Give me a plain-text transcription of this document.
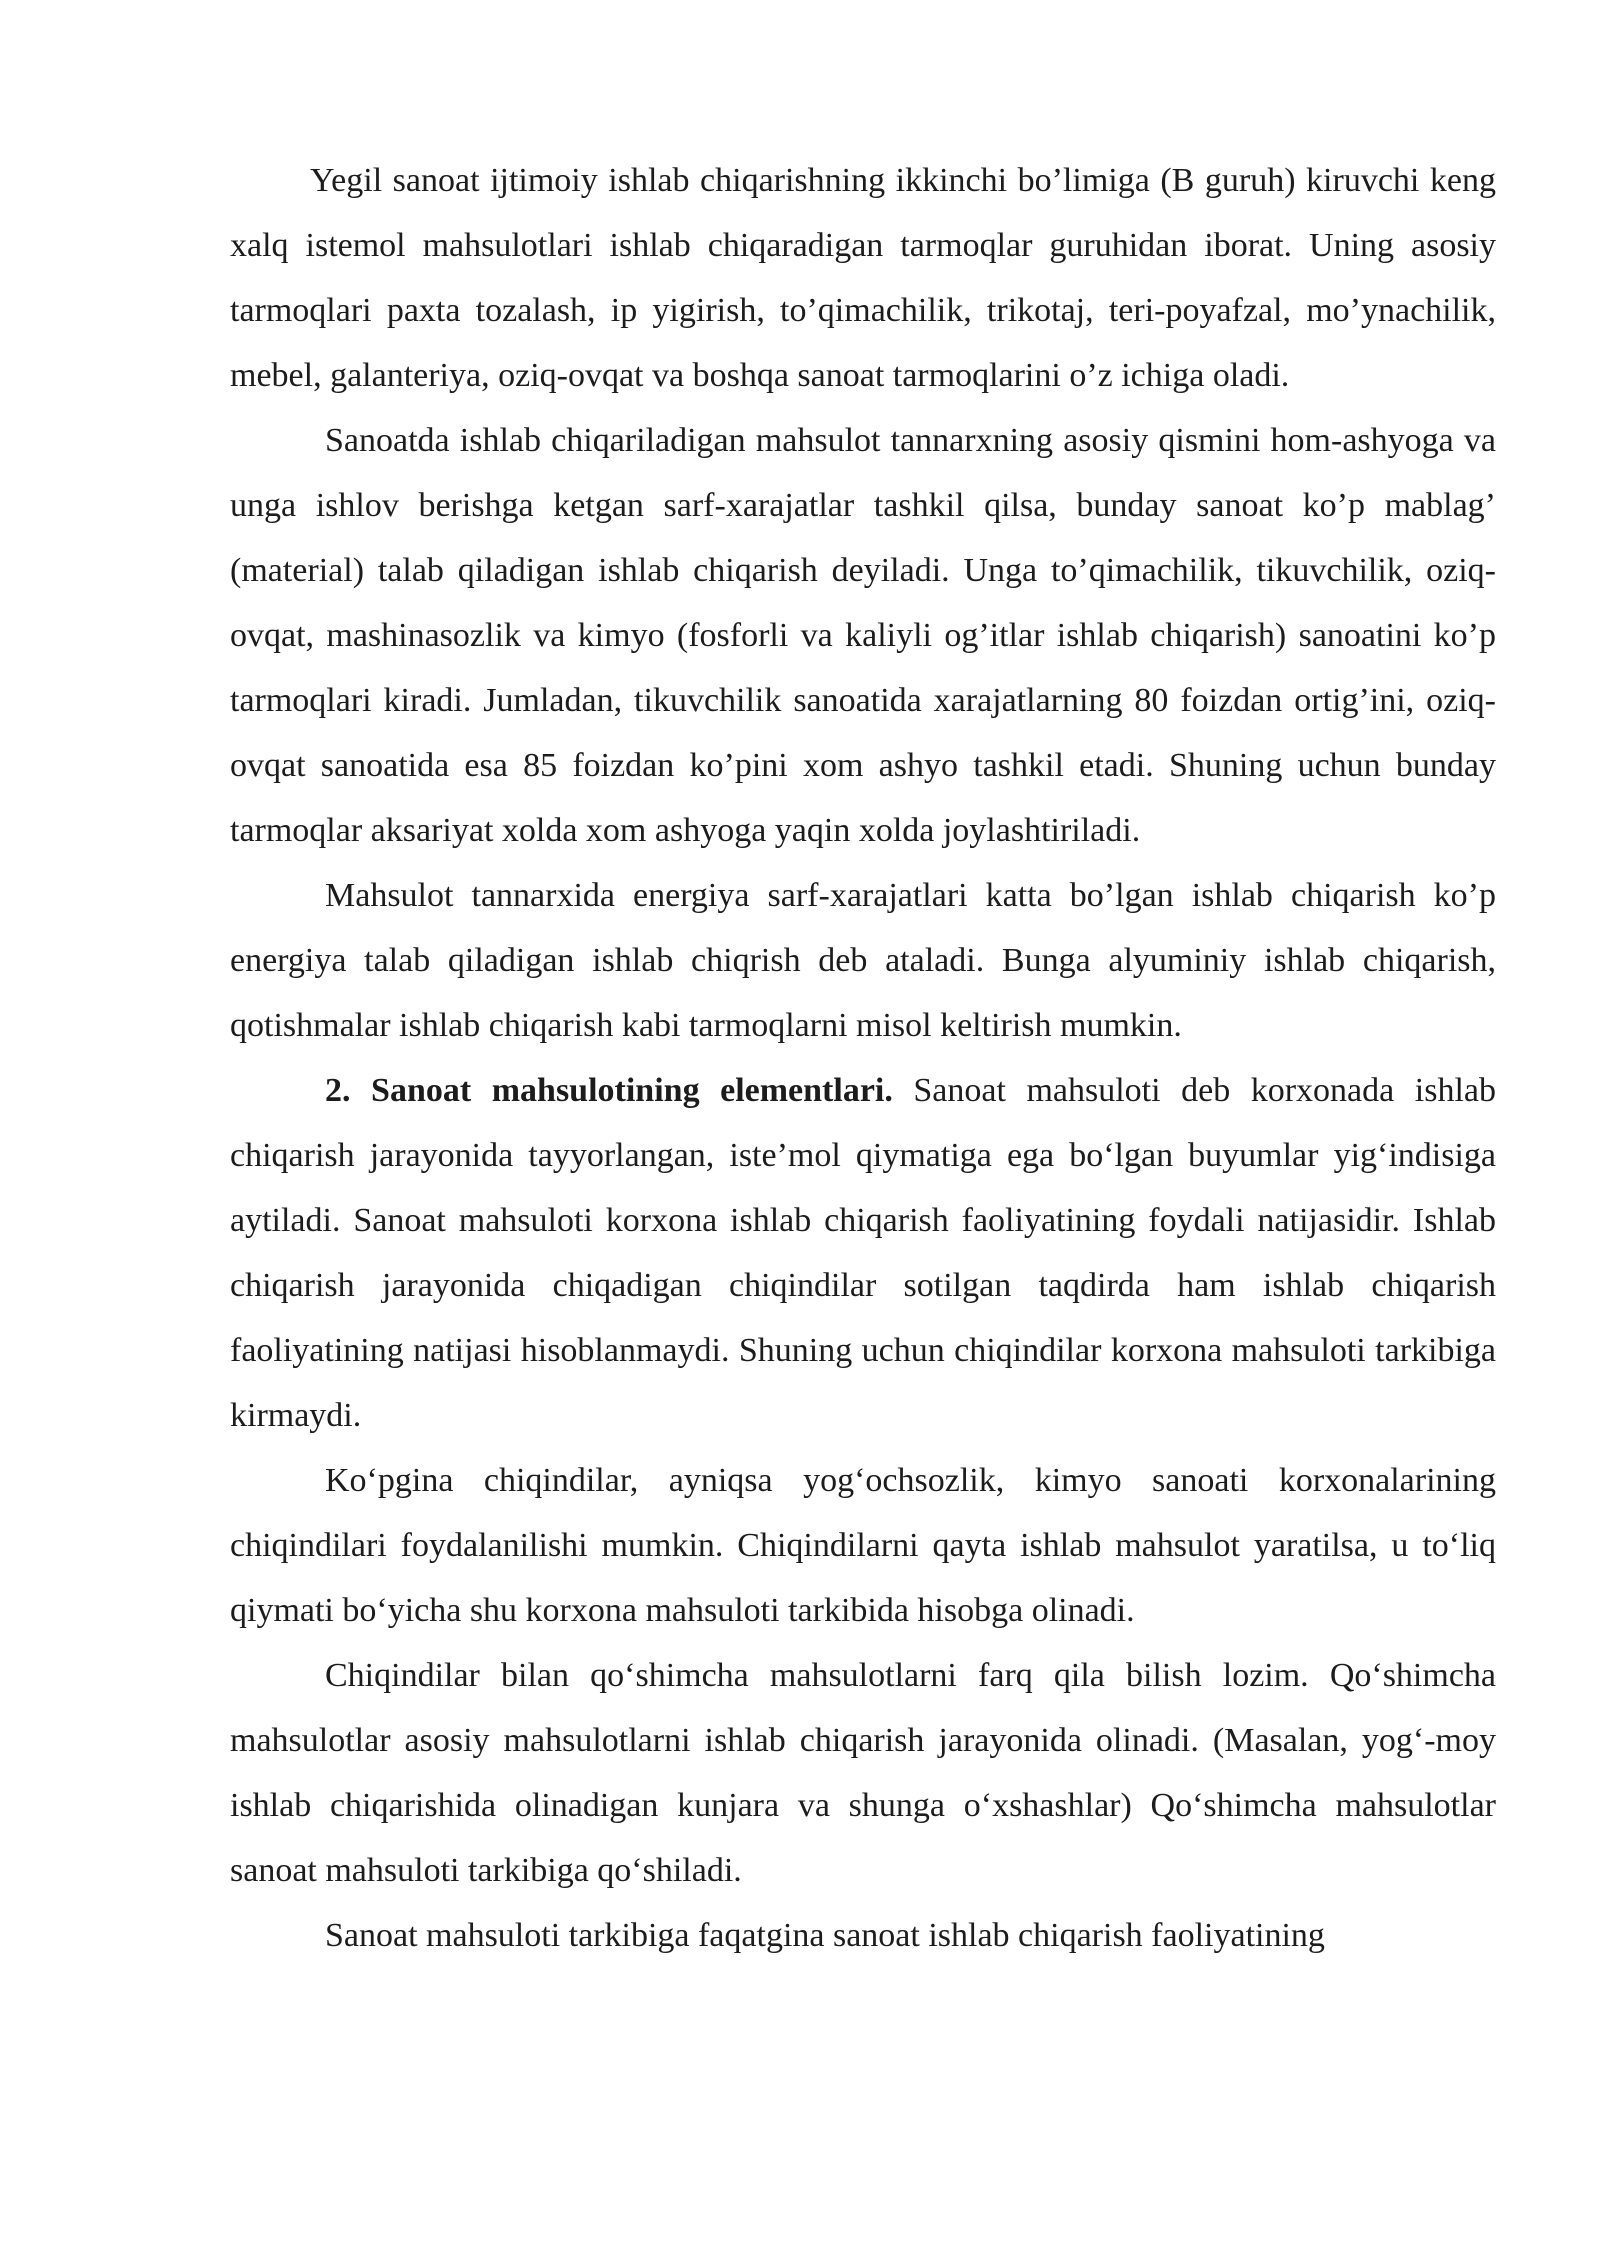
Yegil sanoat ijtimoiy ishlab chiqarishning ikkinchi bo’limiga (B guruh) kiruvchi keng xalq istemol mahsulotlari ishlab chiqaradigan tarmoqlar guruhidan iborat. Uning asosiy tarmoqlari paxta tozalash, ip yigirish, to’qimachilik, trikotaj, teri-poyafzal, mo’ynachilik, mebel, galanteriya, oziq-ovqat va boshqa sanoat tarmoqlarini o’z ichiga oladi.

Sanoatda ishlab chiqariladigan mahsulot tannarxning asosiy qismini hom-ashyoga va unga ishlov berishga ketgan sarf-xarajatlar tashkil qilsa, bunday sanoat ko’p mablag’ (material) talab qiladigan ishlab chiqarish deyiladi. Unga to’qimachilik, tikuvchilik, oziq-ovqat, mashinasozlik va kimyo (fosforli va kaliyli og’itlar ishlab chiqarish) sanoatini ko’p tarmoqlari kiradi. Jumladan, tikuvchilik sanoatida xarajatlarning 80 foizdan ortig’ini, oziq-ovqat sanoatida esa 85 foizdan ko’pini xom ashyo tashkil etadi. Shuning uchun bunday tarmoqlar aksariyat xolda xom ashyoga yaqin xolda joylashtiriladi.

Mahsulot tannarxida energiya sarf-xarajatlari katta bo’lgan ishlab chiqarish ko’p energiya talab qiladigan ishlab chiqrish deb ataladi. Bunga alyuminiy ishlab chiqarish, qotishmalar ishlab chiqarish kabi tarmoqlarni misol keltirish mumkin.

2. Sanoat mahsulotining elementlari. Sanoat mahsuloti deb korxonada ishlab chiqarish jarayonida tayyorlangan, iste’mol qiymatiga ega bo‘lgan buyumlar yig‘indisiga aytiladi. Sanoat mahsuloti korxona ishlab chiqarish faoliyatining foydali natijasidir. Ishlab chiqarish jarayonida chiqadigan chiqindilar sotilgan taqdirda ham ishlab chiqarish faoliyatining natijasi hisoblanmaydi. Shuning uchun chiqindilar korxona mahsuloti tarkibiga kirmaydi.

Ko‘pgina chiqindilar, ayniqsa yog‘ochsozlik, kimyo sanoati korxonalarining chiqindilari foydalanilishi mumkin. Chiqindilarni qayta ishlab mahsulot yaratilsa, u to‘liq qiymati bo‘yicha shu korxona mahsuloti tarkibida hisobga olinadi.

Chiqindilar bilan qo‘shimcha mahsulotlarni farq qila bilish lozim. Qo‘shimcha mahsulotlar asosiy mahsulotlarni ishlab chiqarish jarayonida olinadi. (Masalan, yog‘-moy ishlab chiqarishida olinadigan kunjara va shunga o‘xshashlar) Qo‘shimcha mahsulotlar sanoat mahsuloti tarkibiga qo‘shiladi.

Sanoat mahsuloti tarkibiga faqatgina sanoat ishlab chiqarish faoliyatining
